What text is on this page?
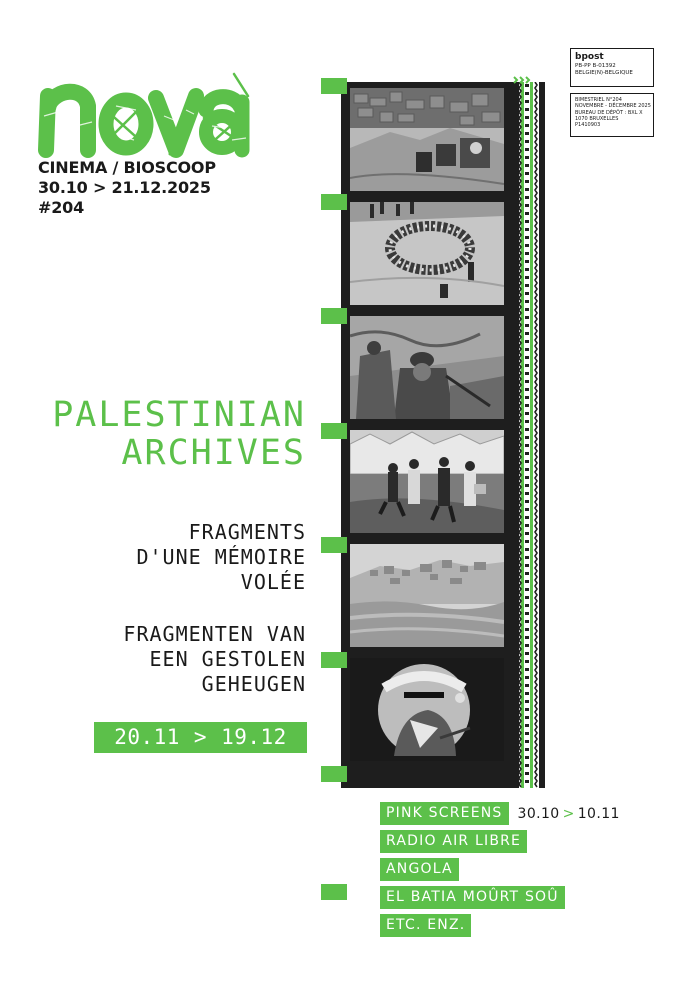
CINEMA / BIOSCOOP
30.10 > 21.12.2025
#204
bpost
PB-PP B-01392
BELGIE(N)-BELGIQUE
BIMESTRIEL N°204
NOVEMBRE - DÉCEMBRE 2025
BUREAU DE DÉPÔT : BXL X
1070 BRUXELLES
P1410903
PALESTINIAN
ARCHIVES
FRAGMENTS
D'UNE MÉMOIRE
VOLÉE
FRAGMENTEN VAN
EEN GESTOLEN
GEHEUGEN
20.11 > 19.12
PINK SCREENS	30.10 > 10.11
RADIO AIR LIBRE
ANGOLA
EL BATIA MOÛRT SOÛ
ETC. ENZ.
